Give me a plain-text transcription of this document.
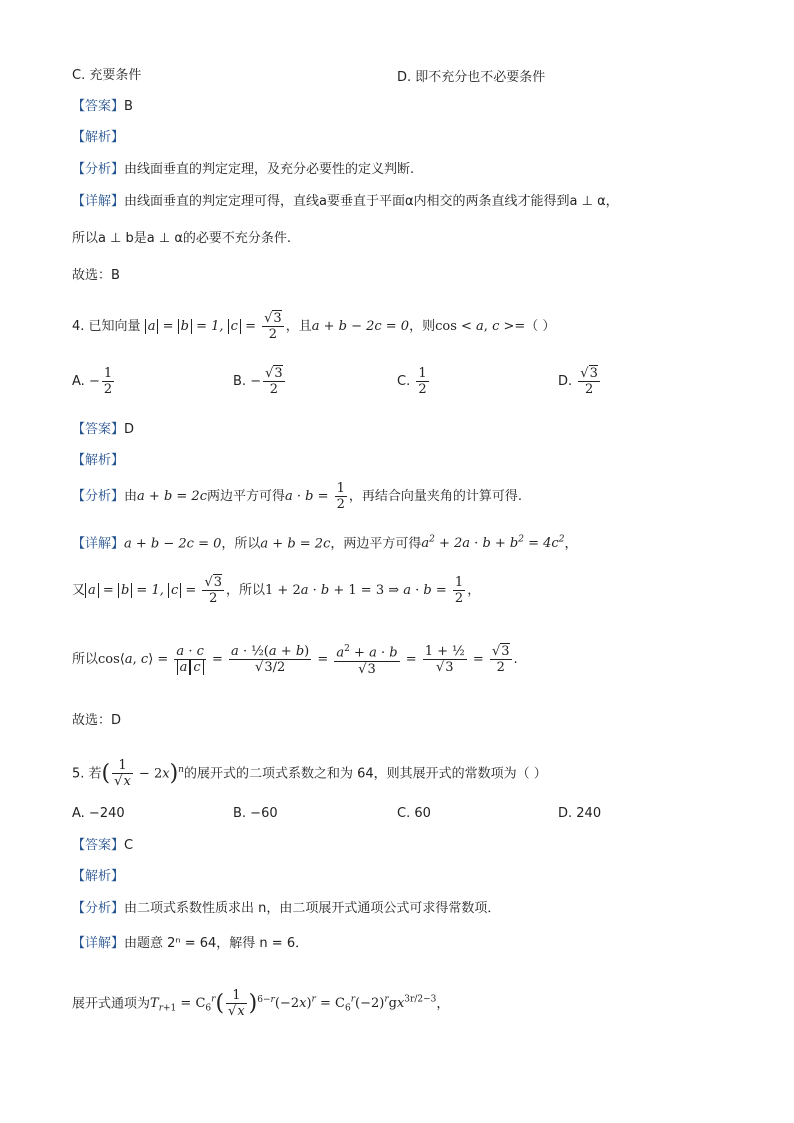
C. 充要条件	D. 即不充分也不必要条件
【答案】B
【解析】
【分析】由线面垂直的判定定理，及充分必要性的定义判断.
【详解】由线面垂直的判定定理可得，直线a要垂直于平面α内相交的两条直线才能得到a ⊥ α，
所以a ⊥ b是a ⊥ α的必要不充分条件.
故选：B
4. 已知向量 a = b = 1, $c = \frac{√3}{2}$ ，且a + b − 2c = 0，则cos < a, c >=（ ）
A. − $\frac{1}{2}$	B. − $\frac{√3}{2}$	C. $\frac{1}{2}$	D. $\frac{√3}{2}$
【答案】D
【解析】
【分析】由a + b = 2c两边平方可得$a \cdot b = \frac{1}{2}$ ，再结合向量夹角的计算可得.
【详解】a + b − 2c = 0，所以a + b = 2c，两边平方可得$a^2 + 2a \cdot b + b^2 = 4c^2$，
又 a = b = 1, $c = \frac{√3}{2}$ ，所以1 + 2a · b + 1 = 3 ⇒ $a \cdot b = \frac{1}{2}$ ，
所以cos⟨a, c⟩ = $\frac{a \cdot c}{\text{a c}} = \frac{\text{a · ½(a + b)}}{√3/2} = \frac{a^2 + a \cdot b}{√3} = \frac{\text{1 + ½}}{√3} = \frac{√3}{2}$ .
故选：D
5. 若( $\frac{1}{√x} - 2x)^n$的展开式的二项式系数之和为 64，则其展开式的常数项为（ ）
A. −240	B. −60	C. 60	D. 240
【答案】C
【解析】
【分析】由二项式系数性质求出 n，由二项展开式通项公式可求得常数项．
【详解】由题意 2ⁿ = 64，解得 n = 6．
展开式通项为$T_{r+1} = C_6^r( \frac{1}{√x} )^{6-r}(-2x)^r = C_6^r(-2)^rgx^{3r/2-3}$，
